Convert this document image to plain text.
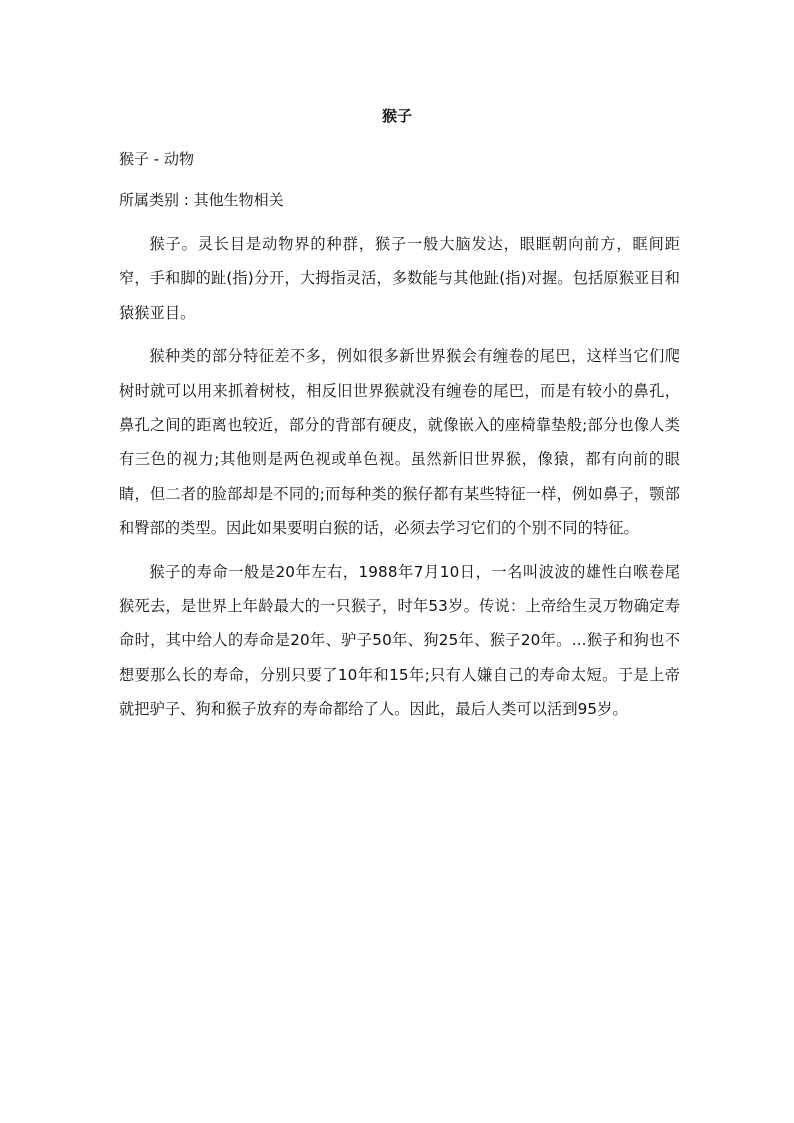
猴子
猴子 - 动物
所属类别 : 其他生物相关

猴子。灵长目是动物界的种群，猴子一般大脑发达，眼眶朝向前方，眶间距窄，手和脚的趾(指)分开，大拇指灵活，多数能与其他趾(指)对握。包括原猴亚目和猿猴亚目。

猴种类的部分特征差不多，例如很多新世界猴会有缠卷的尾巴，这样当它们爬树时就可以用来抓着树枝，相反旧世界猴就没有缠卷的尾巴，而是有较小的鼻孔，鼻孔之间的距离也较近，部分的背部有硬皮，就像嵌入的座椅靠垫般;部分也像人类有三色的视力;其他则是两色视或单色视。虽然新旧世界猴，像猿，都有向前的眼睛，但二者的脸部却是不同的;而每种类的猴仔都有某些特征一样，例如鼻子，颚部和臀部的类型。因此如果要明白猴的话，必须去学习它们的个别不同的特征。

猴子的寿命一般是20年左右，1988年7月10日，一名叫波波的雄性白喉卷尾猴死去，是世界上年龄最大的一只猴子，时年53岁。传说：上帝给生灵万物确定寿命时，其中给人的寿命是20年、驴子50年、狗25年、猴子20年。...猴子和狗也不想要那么长的寿命，分别只要了10年和15年;只有人嫌自己的寿命太短。于是上帝就把驴子、狗和猴子放弃的寿命都给了人。因此，最后人类可以活到95岁。
